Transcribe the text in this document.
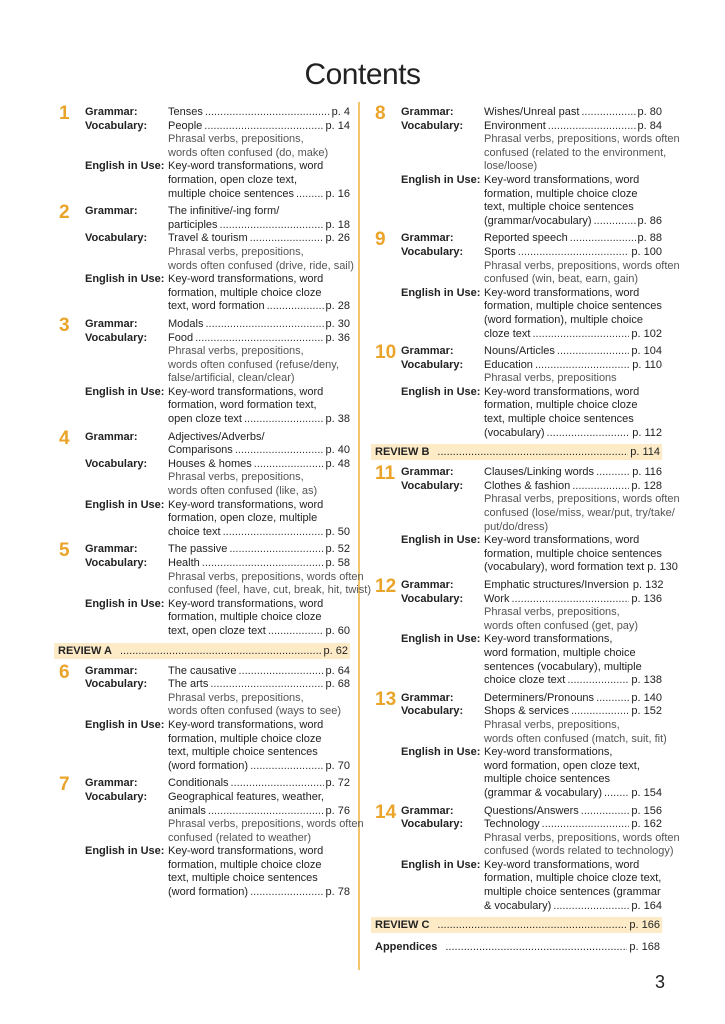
Contents
1	Grammar:	Tenses .....	p. 4
Vocabulary:	People .....	p. 14
Phrasal verbs, prepositions,
words often confused (do, make)
English in Use: Key-word transformations, word
formation, open cloze text,
multiple choice sentences .....	p. 16
2	Grammar:	The infinitive/-ing form/
participles .....	p. 18
Vocabulary:	Travel & tourism .....	p. 26
Phrasal verbs, prepositions,
words often confused (drive, ride, sail)
English in Use: Key-word transformations, word
formation, multiple choice cloze
text, word formation .....	p. 28
3	Grammar:	Modals .....	p. 30
Vocabulary:	Food .....	p. 36
Phrasal verbs, prepositions,
words often confused (refuse/deny,
false/artificial, clean/clear)
English in Use: Key-word transformations, word
formation, word formation text,
open cloze text .....	p. 38
4	Grammar:	Adjectives/Adverbs/
Comparisons .....	p. 40
Vocabulary:	Houses & homes .....	p. 48
Phrasal verbs, prepositions,
words often confused (like, as)
English in Use: Key-word transformations, word
formation, open cloze, multiple
choice text .....	p. 50
5	Grammar:	The passive .....	p. 52
Vocabulary:	Health .....	p. 58
Phrasal verbs, prepositions, words often
confused (feel, have, cut, break, hit, twist)
English in Use: Key-word transformations, word
formation, multiple choice cloze
text, open cloze text .....	p. 60
REVIEW A .....	p. 62
6	Grammar:	The causative .....	p. 64
Vocabulary:	The arts .....	p. 68
Phrasal verbs, prepositions,
words often confused (ways to see)
English in Use: Key-word transformations, word
formation, multiple choice cloze
text, multiple choice sentences
(word formation) .....	p. 70
7	Grammar:	Conditionals .....	p. 72
Vocabulary:	Geographical features, weather,
animals .....	p. 76
Phrasal verbs, prepositions, words often
confused (related to weather)
English in Use: Key-word transformations, word
formation, multiple choice cloze
text, multiple choice sentences
(word formation) .....	p. 78
8	Grammar:	Wishes/Unreal past .....	p. 80
Vocabulary:	Environment .....	p. 84
Phrasal verbs, prepositions, words often
confused (related to the environment,
lose/loose)
English in Use: Key-word transformations, word
formation, multiple choice cloze
text, multiple choice sentences
(grammar/vocabulary) .....	p. 86
9	Grammar:	Reported speech .....	p. 88
Vocabulary:	Sports .....	p. 100
Phrasal verbs, prepositions, words often
confused (win, beat, earn, gain)
English in Use: Key-word transformations, word
formation, multiple choice sentences
(word formation), multiple choice
cloze text .....	p. 102
10 Grammar:	Nouns/Articles .....	p. 104
Vocabulary:	Education .....	p. 110
Phrasal verbs, prepositions
English in Use: Key-word transformations, word
formation, multiple choice cloze
text, multiple choice sentences
(vocabulary) .....	p. 112
REVIEW B .....	p. 114
11 Grammar:	Clauses/Linking words .....	p. 116
Vocabulary:	Clothes & fashion .....	p. 128
Phrasal verbs, prepositions, words often
confused (lose/miss, wear/put, try/take/
put/do/dress)
English in Use: Key-word transformations, word
formation, multiple choice sentences
(vocabulary), word formation text p. 130
12 Grammar:	Emphatic structures/Inversion p. 132
Vocabulary:	Work .....	p. 136
Phrasal verbs, prepositions,
words often confused (get, pay)
English in Use: Key-word transformations,
word formation, multiple choice
sentences (vocabulary), multiple
choice cloze text .....	p. 138
13 Grammar:	Determiners/Pronouns .....	p. 140
Vocabulary:	Shops & services .....	p. 152
Phrasal verbs, prepositions,
words often confused (match, suit, fit)
English in Use: Key-word transformations,
word formation, open cloze text,
multiple choice sentences
(grammar & vocabulary) .....	p. 154
14 Grammar:	Questions/Answers .....	p. 156
Vocabulary:	Technology .....	p. 162
Phrasal verbs, prepositions, words often
confused (words related to technology)
English in Use: Key-word transformations, word
formation, multiple choice cloze text,
multiple choice sentences (grammar
& vocabulary) .....	p. 164
REVIEW C .....	p. 166
Appendices .....	p. 168
3
